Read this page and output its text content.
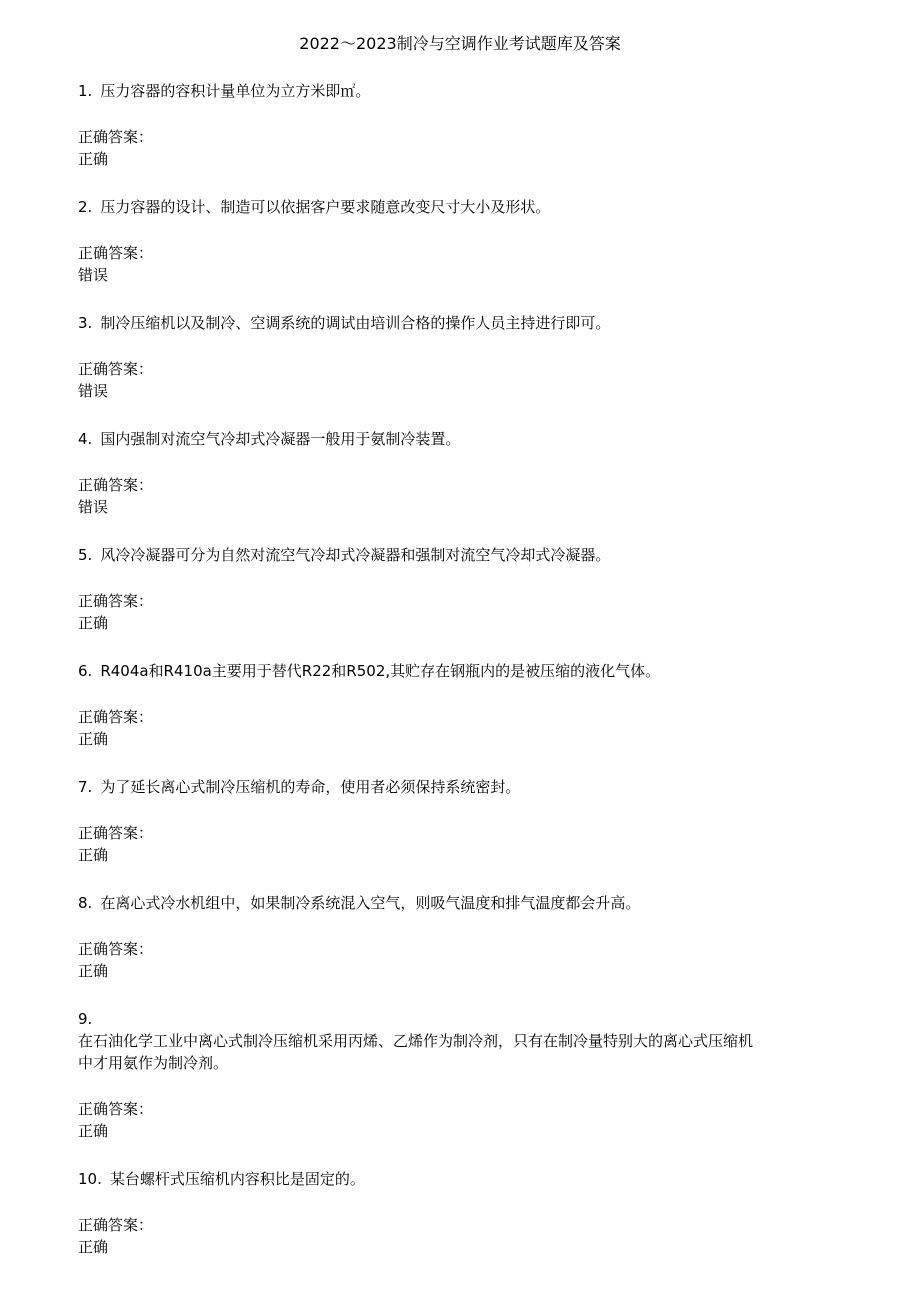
2022～2023制冷与空调作业考试题库及答案
1. 压力容器的容积计量单位为立方米即㎡。
正确答案：
正确
2. 压力容器的设计、制造可以依据客户要求随意改变尺寸大小及形状。
正确答案：
错误
3. 制冷压缩机以及制冷、空调系统的调试由培训合格的操作人员主持进行即可。
正确答案：
错误
4. 国内强制对流空气冷却式冷凝器一般用于氨制冷装置。
正确答案：
错误
5. 风冷冷凝器可分为自然对流空气冷却式冷凝器和强制对流空气冷却式冷凝器。
正确答案：
正确
6. R404a和R410a主要用于替代R22和R502,其贮存在钢瓶内的是被压缩的液化气体。
正确答案：
正确
7. 为了延长离心式制冷压缩机的寿命，使用者必须保持系统密封。
正确答案：
正确
8. 在离心式冷水机组中，如果制冷系统混入空气，则吸气温度和排气温度都会升高。
正确答案：
正确
9.
在石油化学工业中离心式制冷压缩机采用丙烯、乙烯作为制冷剂，只有在制冷量特别大的离心式压缩机
中才用氨作为制冷剂。
正确答案：
正确
10. 某台螺杆式压缩机内容积比是固定的。
正确答案：
正确
